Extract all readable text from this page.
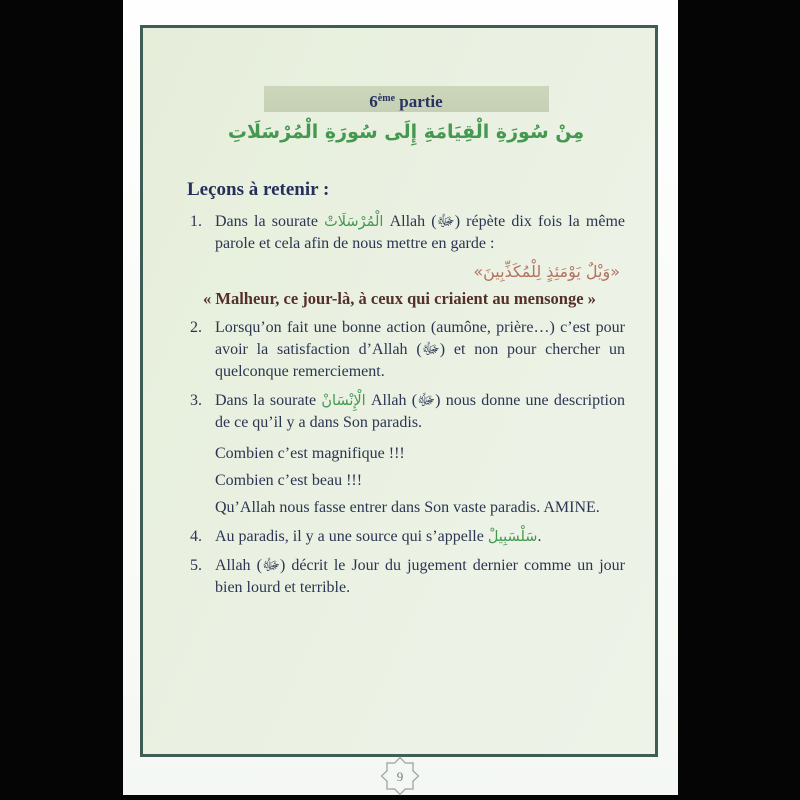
6ème partie
مِنْ سُورَةِ الْقِيَامَةِ إِلَى سُورَةِ الْمُرْسَلَاتِ
Leçons à retenir :
1. Dans la sourate الْمُرْسَلَاتْ Allah (ﷻ) répète dix fois la même parole et cela afin de nous mettre en garde :
«وَيْلٌ يَوْمَئِذٍ لِلْمُكَذِّبِينَ»
« Malheur, ce jour-là, à ceux qui criaient au mensonge »
2. Lorsqu’on fait une bonne action (aumône, prière…) c’est pour avoir la satisfaction d’Allah (ﷻ) et non pour chercher un quelconque remerciement.
3. Dans la sourate الْإِنْسَانْ Allah (ﷻ) nous donne une description de ce qu’il y a dans Son paradis.
Combien c’est magnifique !!!
Combien c’est beau !!!
Qu’Allah nous fasse entrer dans Son vaste paradis. AMINE.
4. Au paradis, il y a une source qui s’appelle سَلْسَبِيلْ.
5. Allah (ﷻ) décrit le Jour du jugement dernier comme un jour bien lourd et terrible.
9
